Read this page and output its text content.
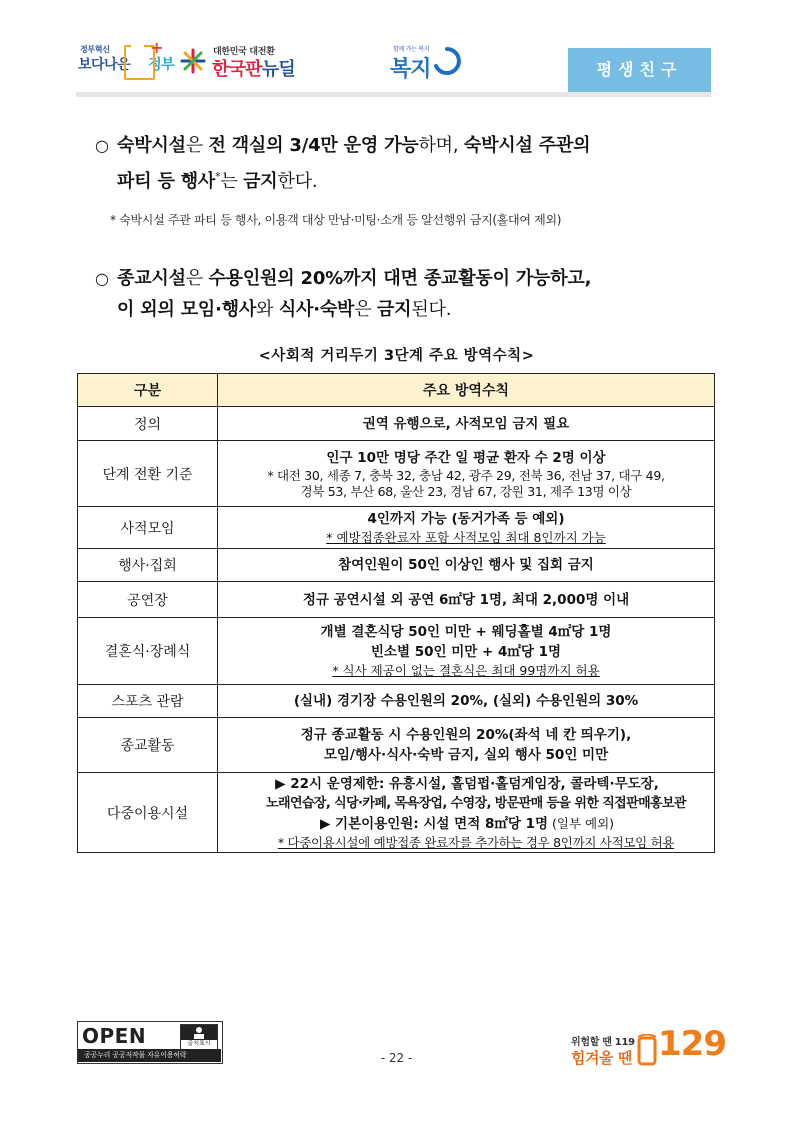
정부혁신
보다나은 정부
+	대한민국 대전환
한국판뉴딜
함께 가는 복지
복지	평생친구
○ 숙박시설은 전 객실의 3/4만 운영 가능하며, 숙박시설 주관의
파티 등 행사*는 금지한다.
* 숙박시설 주관 파티 등 행사, 이용객 대상 만남·미팅·소개 등 알선행위 금지(홀대여 제외)
○ 종교시설은 수용인원의 20%까지 대면 종교활동이 가능하고,
이 외의 모임·행사와 식사·숙박은 금지된다.
<사회적 거리두기 3단계 주요 방역수칙>
구분	주요 방역수칙
정의	권역 유행으로, 사적모임 금지 필요

단계 전환 기준	인구 10만 명당 주간 일 평균 환자 수 2명 이상
* 대전 30, 세종 7, 충북 32, 충남 42, 광주 29, 전북 36, 전남 37, 대구 49,
경북 53, 부산 68, 울산 23, 경남 67, 강원 31, 제주 13명 이상

사적모임	4인까지 가능 (동거가족 등 예외)
* 예방접종완료자 포함 사적모임 최대 8인까지 가능

행사·집회	참여인원이 50인 이상인 행사 및 집회 금지

공연장	정규 공연시설 외 공연 6㎡당 1명, 최대 2,000명 이내

결혼식·장례식	개별 결혼식당 50인 미만 + 웨딩홀별 4㎡당 1명
빈소별 50인 미만 + 4㎡당 1명
* 식사 제공이 없는 결혼식은 최대 99명까지 허용

스포츠 관람	(실내) 경기장 수용인원의 20%, (실외) 수용인원의 30%

종교활동	정규 종교활동 시 수용인원의 20%(좌석 네 칸 띄우기),
모임/행사·식사·숙박 금지, 실외 행사 50인 미만

다중이용시설	▶ 22시 운영제한: 유흥시설, 홀덤펍·홀덤게임장, 콜라텍·무도장,
노래연습장, 식당·카페, 목욕장업, 수영장, 방문판매 등을 위한 직접판매홍보관
▶ 기본이용인원: 시설 면적 8㎡당 1명 (일부 예외)
* 다중이용시설에 예방접종 완료자를 추가하는 경우 8인까지 사적모임 허용
OPEN	출처표시
공공누리 공공저작물 자유이용허락	- 22 -
위험할 땐 119
힘겨울 땐 129
